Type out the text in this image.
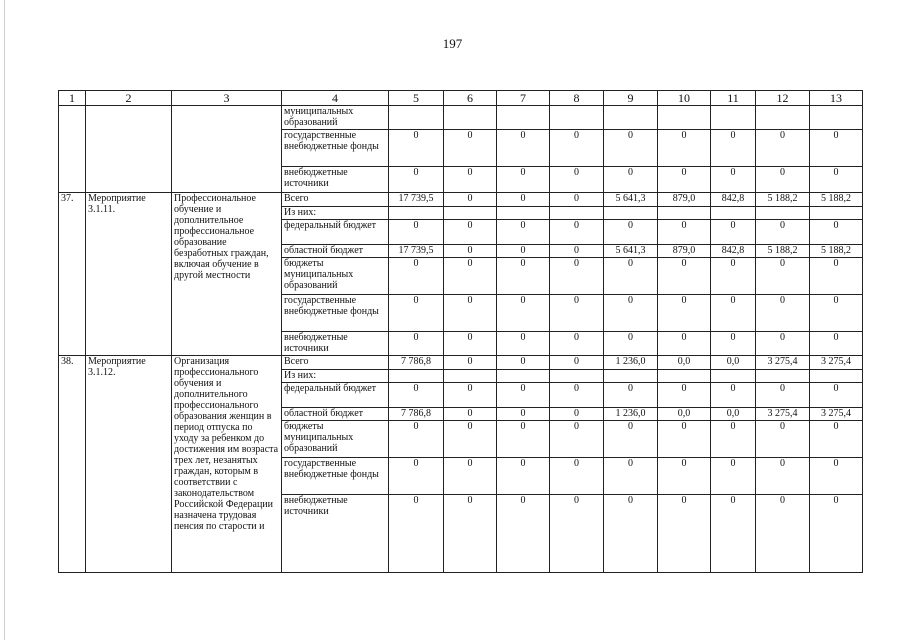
197
1	2	3	4	5	6	7	8	9	10	11	12	13
			муниципальных образований									
			государственные внебюджетные фонды	0	0	0	0	0	0	0	0	0
			внебюджетные источники	0	0	0	0	0	0	0	0	0
37.	Мероприятие 3.1.11.	Профессиональное обучение и дополнительное профессиональное образование безработных граждан, включая обучение в другой местности	Всего	17 739,5	0	0	0	5 641,3	879,0	842,8	5 188,2	5 188,2
			Из них:									
			федеральный бюджет	0	0	0	0	0	0	0	0	0
			областной бюджет	17 739,5	0	0	0	5 641,3	879,0	842,8	5 188,2	5 188,2
			бюджеты муниципальных образований	0	0	0	0	0	0	0	0	0
			государственные внебюджетные фонды	0	0	0	0	0	0	0	0	0
			внебюджетные источники	0	0	0	0	0	0	0	0	0
38.	Мероприятие 3.1.12.	Организация профессионального обучения и дополнительного профессионального образования женщин в период отпуска по уходу за ребенком до достижения им возраста трех лет, незанятых граждан, которым в соответствии с законодательством Российской Федерации назначена трудовая пенсия по старости и	Всего	7 786,8	0	0	0	1 236,0	0,0	0,0	3 275,4	3 275,4
			Из них:									
			федеральный бюджет	0	0	0	0	0	0	0	0	0
			областной бюджет	7 786,8	0	0	0	1 236,0	0,0	0,0	3 275,4	3 275,4
			бюджеты муниципальных образований	0	0	0	0	0	0	0	0	0
			государственные внебюджетные фонды	0	0	0	0	0	0	0	0	0
			внебюджетные источники	0	0	0	0	0	0	0	0	0
